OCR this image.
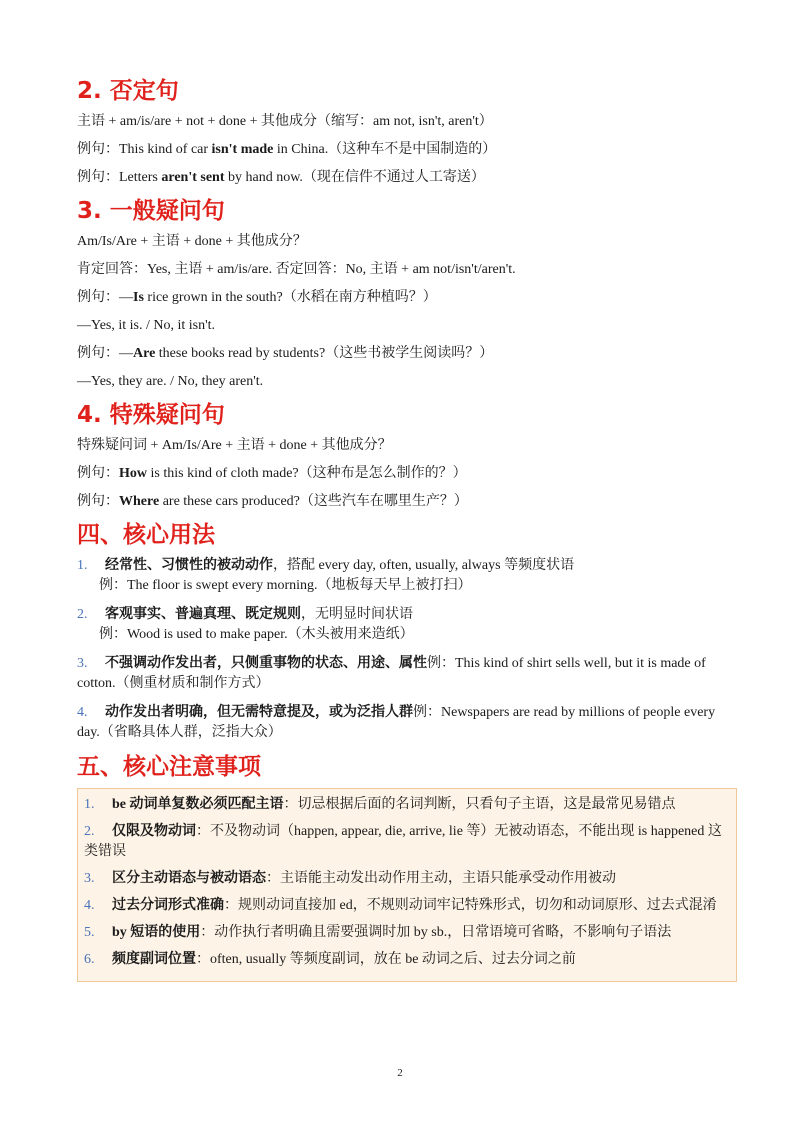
2. 否定句

主语 + am/is/are + not + done + 其他成分（缩写：am not, isn't, aren't）

例句：This kind of car isn't made in China.（这种车不是中国制造的）

例句：Letters aren't sent by hand now.（现在信件不通过人工寄送）

3. 一般疑问句

Am/Is/Are + 主语 + done + 其他成分？

肯定回答：Yes, 主语 + am/is/are. 否定回答：No, 主语 + am not/isn't/aren't.

例句：—Is rice grown in the south?（水稻在南方种植吗？）

—Yes, it is. / No, it isn't.

例句：—Are these books read by students?（这些书被学生阅读吗？）

—Yes, they are. / No, they aren't.

4. 特殊疑问句

特殊疑问词 + Am/Is/Are + 主语 + done + 其他成分？

例句：How is this kind of cloth made?（这种布是怎么制作的？）

例句：Where are these cars produced?（这些汽车在哪里生产？）

四、核心用法
1. 经常性、习惯性的被动动作，搭配 every day, often, usually, always 等频度状语
例：The floor is swept every morning.（地板每天早上被打扫）
2. 客观事实、普遍真理、既定规则，无明显时间状语
例：Wood is used to make paper.（木头被用来造纸）
3. 不强调动作发出者，只侧重事物的状态、用途、属性例：This kind of shirt sells well, but it is made of cotton.（侧重材质和制作方式）
4. 动作发出者明确，但无需特意提及，或为泛指人群例：Newspapers are read by millions of people every day.（省略具体人群，泛指大众）
五、核心注意事项
1. be 动词单复数必须匹配主语：切忌根据后面的名词判断，只看句子主语，这是最常见易错点
2. 仅限及物动词：不及物动词（happen, appear, die, arrive, lie 等）无被动语态，不能出现 is happened 这类错误
3. 区分主动语态与被动语态：主语能主动发出动作用主动，主语只能承受动作用被动
4. 过去分词形式准确：规则动词直接加 ed，不规则动词牢记特殊形式，切勿和动词原形、过去式混淆
5. by 短语的使用：动作执行者明确且需要强调时加 by sb.，日常语境可省略，不影响句子语法
6. 频度副词位置：often, usually 等频度副词，放在 be 动词之后、过去分词之前
2
